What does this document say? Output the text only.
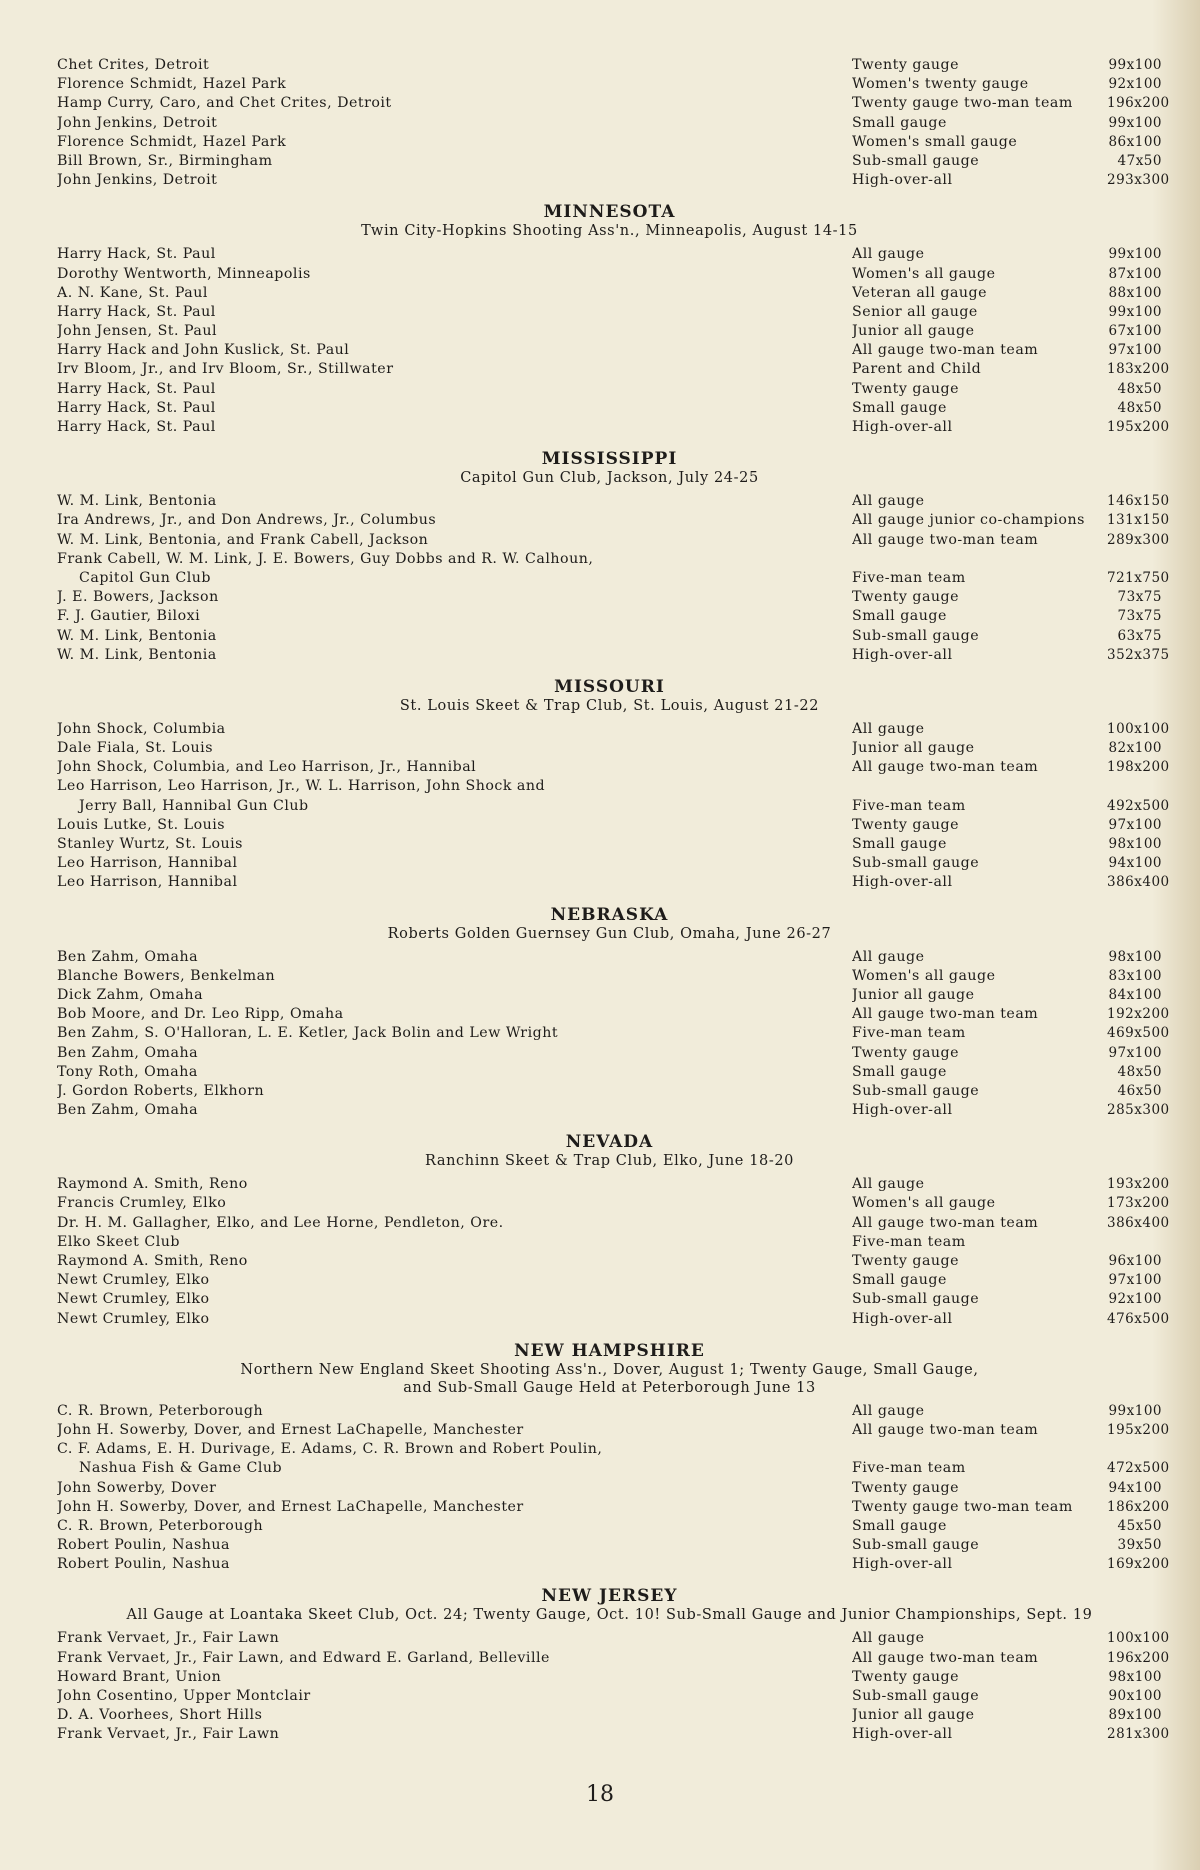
Chet Crites, Detroit	Twenty gauge	99x100
Florence Schmidt, Hazel Park	Women's twenty gauge	92x100
Hamp Curry, Caro, and Chet Crites, Detroit	Twenty gauge two-man team	196x200
John Jenkins, Detroit	Small gauge	99x100
Florence Schmidt, Hazel Park	Women's small gauge	86x100
Bill Brown, Sr., Birmingham	Sub-small gauge	47x50
John Jenkins, Detroit	High-over-all	293x300
MINNESOTA
Twin City-Hopkins Shooting Ass'n., Minneapolis, August 14-15
Harry Hack, St. Paul	All gauge	99x100
Dorothy Wentworth, Minneapolis	Women's all gauge	87x100
A. N. Kane, St. Paul	Veteran all gauge	88x100
Harry Hack, St. Paul	Senior all gauge	99x100
John Jensen, St. Paul	Junior all gauge	67x100
Harry Hack and John Kuslick, St. Paul	All gauge two-man team	97x100
Irv Bloom, Jr., and Irv Bloom, Sr., Stillwater	Parent and Child	183x200
Harry Hack, St. Paul	Twenty gauge	48x50
Harry Hack, St. Paul	Small gauge	48x50
Harry Hack, St. Paul	High-over-all	195x200
MISSISSIPPI
Capitol Gun Club, Jackson, July 24-25
W. M. Link, Bentonia	All gauge	146x150
Ira Andrews, Jr., and Don Andrews, Jr., Columbus	All gauge junior co-champions 131x150
W. M. Link, Bentonia, and Frank Cabell, Jackson	All gauge two-man team	289x300
Frank Cabell, W. M. Link, J. E. Bowers, Guy Dobbs and R. W. Calhoun,
Capitol Gun Club	Five-man team	721x750
J. E. Bowers, Jackson	Twenty gauge	73x75
F. J. Gautier, Biloxi	Small gauge	73x75
W. M. Link, Bentonia	Sub-small gauge	63x75
W. M. Link, Bentonia	High-over-all	352x375
MISSOURI
St. Louis Skeet & Trap Club, St. Louis, August 21-22
John Shock, Columbia	All gauge	100x100
Dale Fiala, St. Louis	Junior all gauge	82x100
John Shock, Columbia, and Leo Harrison, Jr., Hannibal	All gauge two-man team	198x200
Leo Harrison, Leo Harrison, Jr., W. L. Harrison, John Shock and
Jerry Ball, Hannibal Gun Club	Five-man team	492x500
Louis Lutke, St. Louis	Twenty gauge	97x100
Stanley Wurtz, St. Louis	Small gauge	98x100
Leo Harrison, Hannibal	Sub-small gauge	94x100
Leo Harrison, Hannibal	High-over-all	386x400
NEBRASKA
Roberts Golden Guernsey Gun Club, Omaha, June 26-27
Ben Zahm, Omaha	All gauge	98x100
Blanche Bowers, Benkelman	Women's all gauge	83x100
Dick Zahm, Omaha	Junior all gauge	84x100
Bob Moore, and Dr. Leo Ripp, Omaha	All gauge two-man team	192x200
Ben Zahm, S. O'Halloran, L. E. Ketler, Jack Bolin and Lew Wright	Five-man team	469x500
Ben Zahm, Omaha	Twenty gauge	97x100
Tony Roth, Omaha	Small gauge	48x50
J. Gordon Roberts, Elkhorn	Sub-small gauge	46x50
Ben Zahm, Omaha	High-over-all	285x300
NEVADA
Ranchinn Skeet & Trap Club, Elko, June 18-20
Raymond A. Smith, Reno	All gauge	193x200
Francis Crumley, Elko	Women's all gauge	173x200
Dr. H. M. Gallagher, Elko, and Lee Horne, Pendleton, Ore.	All gauge two-man team	386x400
Elko Skeet Club	Five-man team
Raymond A. Smith, Reno	Twenty gauge	96x100
Newt Crumley, Elko	Small gauge	97x100
Newt Crumley, Elko	Sub-small gauge	92x100
Newt Crumley, Elko	High-over-all	476x500
NEW HAMPSHIRE
Northern New England Skeet Shooting Ass'n., Dover, August 1; Twenty Gauge, Small Gauge,
and Sub-Small Gauge Held at Peterborough June 13
C. R. Brown, Peterborough	All gauge	99x100
John H. Sowerby, Dover, and Ernest LaChapelle, Manchester	All gauge two-man team	195x200
C. F. Adams, E. H. Durivage, E. Adams, C. R. Brown and Robert Poulin,
Nashua Fish & Game Club	Five-man team	472x500
John Sowerby, Dover	Twenty gauge	94x100
John H. Sowerby, Dover, and Ernest LaChapelle, Manchester	Twenty gauge two-man team	186x200
C. R. Brown, Peterborough	Small gauge	45x50
Robert Poulin, Nashua	Sub-small gauge	39x50
Robert Poulin, Nashua	High-over-all	169x200
NEW JERSEY
All Gauge at Loantaka Skeet Club, Oct. 24; Twenty Gauge, Oct. 10! Sub-Small Gauge and Junior Championships, Sept. 19
Frank Vervaet, Jr., Fair Lawn	All gauge	100x100
Frank Vervaet, Jr., Fair Lawn, and Edward E. Garland, Belleville	All gauge two-man team	196x200
Howard Brant, Union	Twenty gauge	98x100
John Cosentino, Upper Montclair	Sub-small gauge	90x100
D. A. Voorhees, Short Hills	Junior all gauge	89x100
Frank Vervaet, Jr., Fair Lawn	High-over-all	281x300
18
